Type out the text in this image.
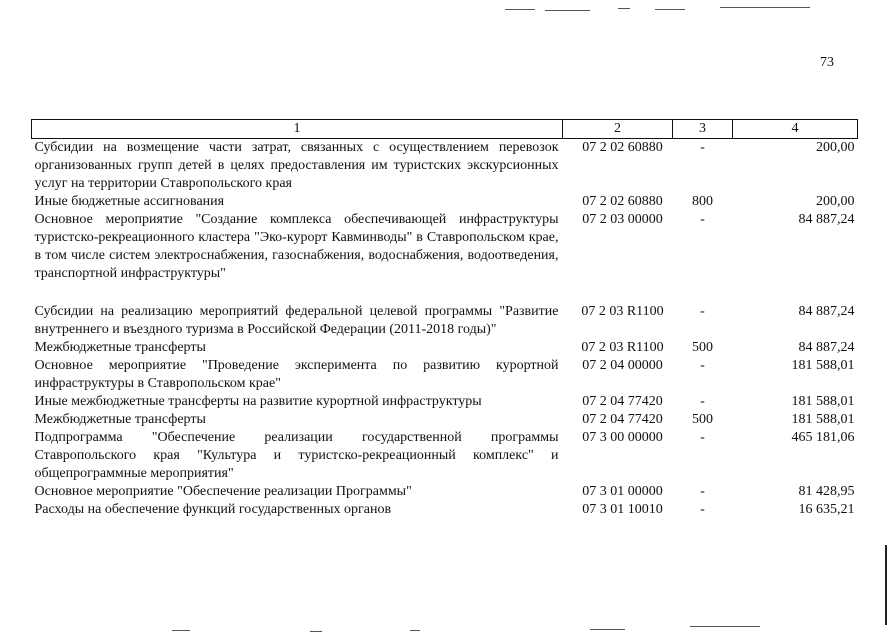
73
1	2	3	4
Субсидии на возмещение части затрат, связанных с осуществлением перевозок организованных групп детей в целях предоставления им туристских экскурсионных услуг на территории Ставропольского края	07 2 02 60880	-	200,00
Иные бюджетные ассигнования	07 2 02 60880	800	200,00
Основное мероприятие "Создание комплекса обеспечивающей инфраструктуры туристско-рекреационного кластера "Эко-курорт Кавминводы" в Ставропольском крае, в том числе систем электроснабжения, газоснабжения, водоснабжения, водоотведения, транспортной инфраструктуры"	07 2 03 00000	-	84 887,24

Субсидии на реализацию мероприятий федеральной целевой программы "Развитие внутреннего и въездного туризма в Российской Федерации (2011-2018 годы)"	07 2 03 R1100	-	84 887,24
Межбюджетные трансферты	07 2 03 R1100	500	84 887,24
Основное мероприятие "Проведение эксперимента по развитию курортной инфраструктуры в Ставропольском крае"	07 2 04 00000	-	181 588,01
Иные межбюджетные трансферты на развитие курортной инфраструктуры	07 2 04 77420	-	181 588,01
Межбюджетные трансферты	07 2 04 77420	500	181 588,01
Подпрограмма "Обеспечение реализации государственной программы Ставропольского края "Культура и туристско-рекреационный комплекс" и общепрограммные мероприятия"	07 3 00 00000	-	465 181,06
Основное мероприятие "Обеспечение реализации Программы"	07 3 01 00000	-	81 428,95
Расходы на обеспечение функций государственных органов	07 3 01 10010	-	16 635,21
